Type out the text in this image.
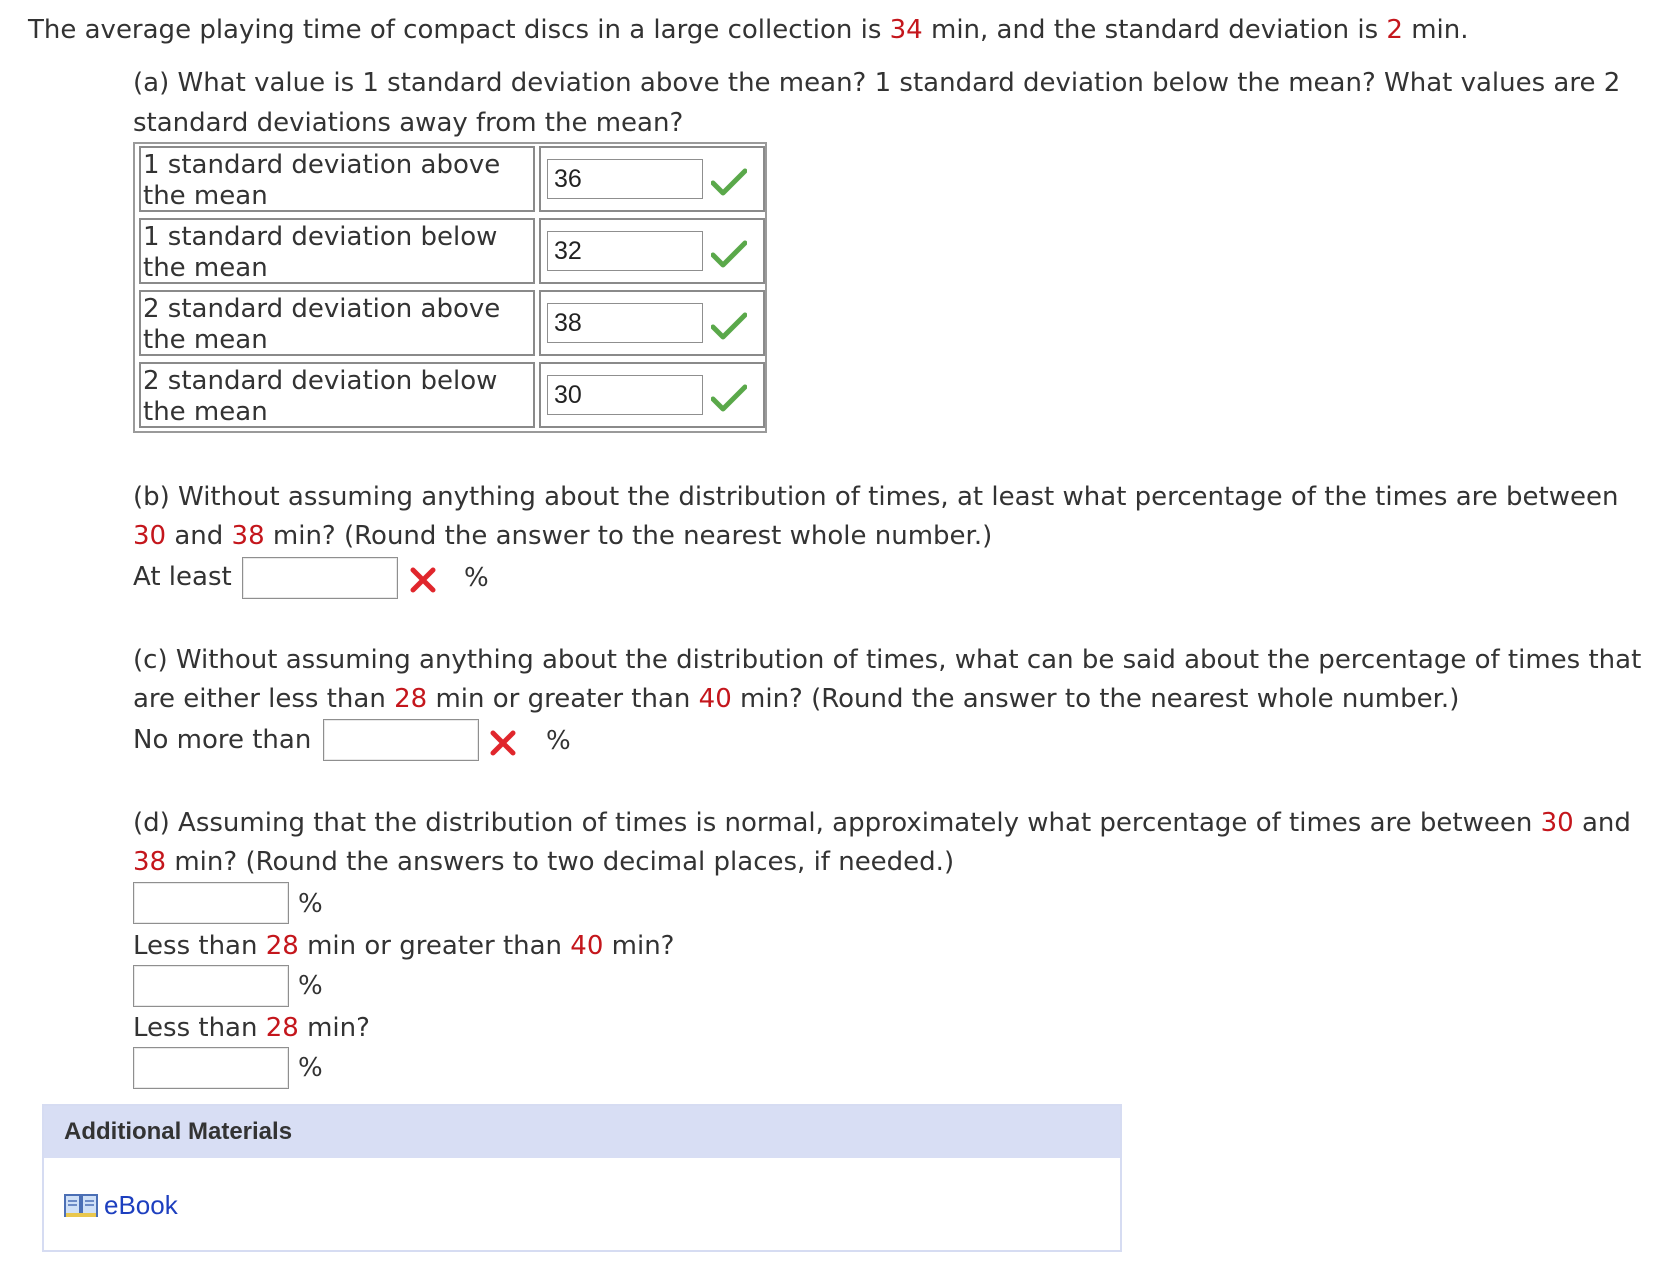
The average playing time of compact discs in a large collection is 34 min, and the standard deviation is 2 min.
(a) What value is 1 standard deviation above the mean? 1 standard deviation below the mean? What values are 2
standard deviations away from the mean?
1 standard deviation above
the mean
36
1 standard deviation below
the mean
32
2 standard deviation above
the mean
38
2 standard deviation below
the mean
30
(b) Without assuming anything about the distribution of times, at least what percentage of the times are between
30 and 38 min? (Round the answer to the nearest whole number.)
At least	%
(c) Without assuming anything about the distribution of times, what can be said about the percentage of times that
are either less than 28 min or greater than 40 min? (Round the answer to the nearest whole number.)
No more than	%
(d) Assuming that the distribution of times is normal, approximately what percentage of times are between 30 and
38 min? (Round the answers to two decimal places, if needed.)
%
Less than 28 min or greater than 40 min?
%
Less than 28 min?
%
Additional Materials
eBook
